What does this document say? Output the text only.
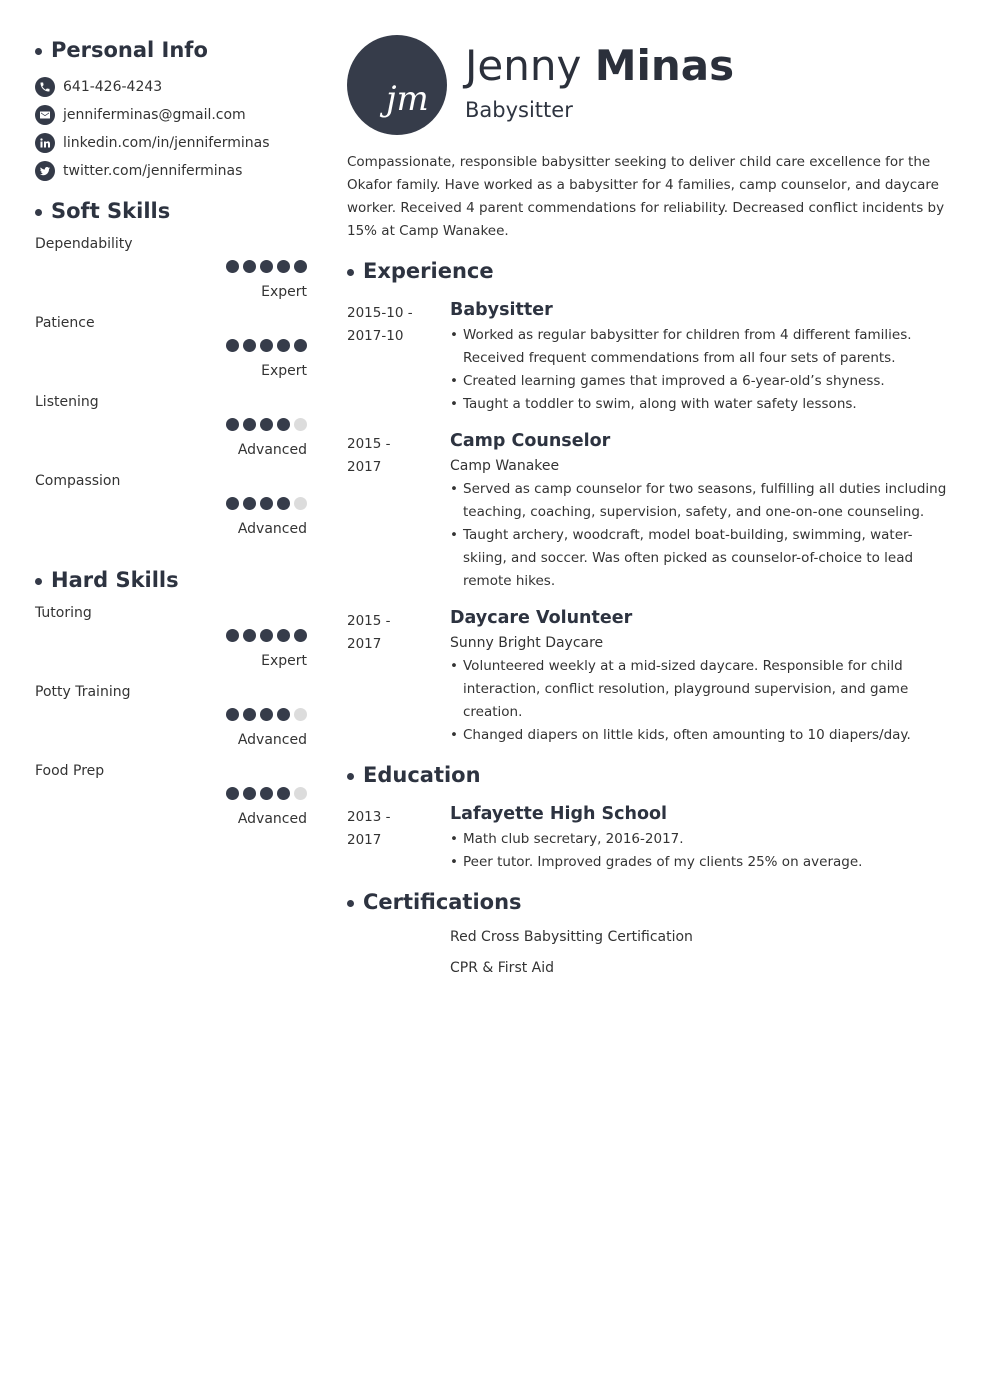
Personal Info
641-426-4243
jenniferminas@gmail.com
linkedin.com/in/jenniferminas
twitter.com/jenniferminas
Soft Skills
Dependability
Expert
Patience
Expert
Listening
Advanced
Compassion
Advanced
Hard Skills
Tutoring
Expert
Potty Training
Advanced
Food Prep
Advanced
jm
Jenny Minas
Babysitter

Compassionate, responsible babysitter seeking to deliver child care excellence for the Okafor family. Have worked as a babysitter for 4 families, camp counselor, and daycare worker. Received 4 parent commendations for reliability. Decreased conflict incidents by 15% at Camp Wanakee.

Experience
2015-10 -
2017-10
Babysitter
• Worked as regular babysitter for children from 4 different families. Received frequent commendations from all four sets of parents.
• Created learning games that improved a 6-year-old’s shyness.
• Taught a toddler to swim, along with water safety lessons.
2015 -
2017
Camp Counselor
Camp Wanakee
• Served as camp counselor for two seasons, fulfilling all duties including teaching, coaching, supervision, safety, and one-on-one counseling.
• Taught archery, woodcraft, model boat-building, swimming, water-skiing, and soccer. Was often picked as counselor-of-choice to lead remote hikes.
2015 -
2017
Daycare Volunteer
Sunny Bright Daycare
• Volunteered weekly at a mid-sized daycare. Responsible for child interaction, conflict resolution, playground supervision, and game creation.
• Changed diapers on little kids, often amounting to 10 diapers/day.
Education
2013 -
2017
Lafayette High School
• Math club secretary, 2016-2017.
• Peer tutor. Improved grades of my clients 25% on average.
Certifications
Red Cross Babysitting Certification
CPR & First Aid
